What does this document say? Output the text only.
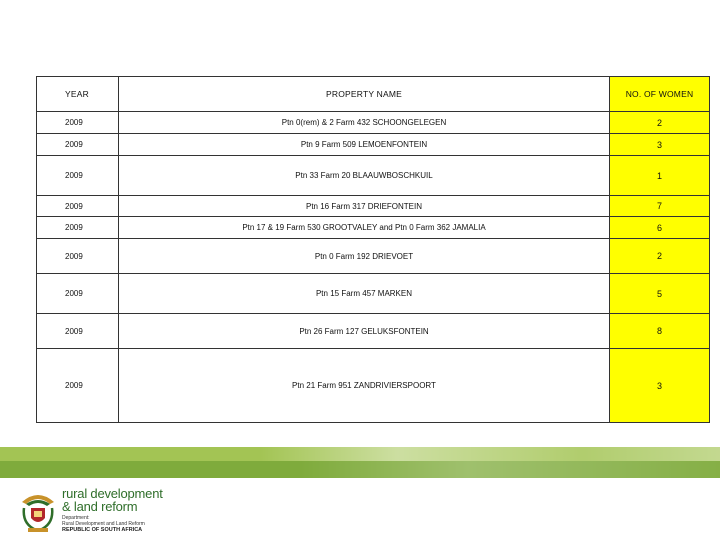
YEAR	PROPERTY NAME	NO. OF WOMEN
2009	Ptn 0(rem) & 2 Farm 432 SCHOONGELEGEN	2
2009	Ptn 9 Farm 509 LEMOENFONTEIN	3
2009	Ptn 33 Farm 20 BLAAUWBOSCHKUIL	1
2009	Ptn 16 Farm 317 DRIEFONTEIN	7
2009	Ptn 17 & 19 Farm 530 GROOTVALEY and Ptn 0 Farm 362 JAMALIA	6
2009	Ptn 0 Farm 192 DRIEVOET	2
2009	Ptn 15 Farm 457 MARKEN	5
2009	Ptn 26 Farm 127 GELUKSFONTEIN	8
2009	Ptn 21 Farm 951 ZANDRIVIERSPOORT	3
rural development
& land reform
Department:
Rural Development and Land Reform
REPUBLIC OF SOUTH AFRICA
